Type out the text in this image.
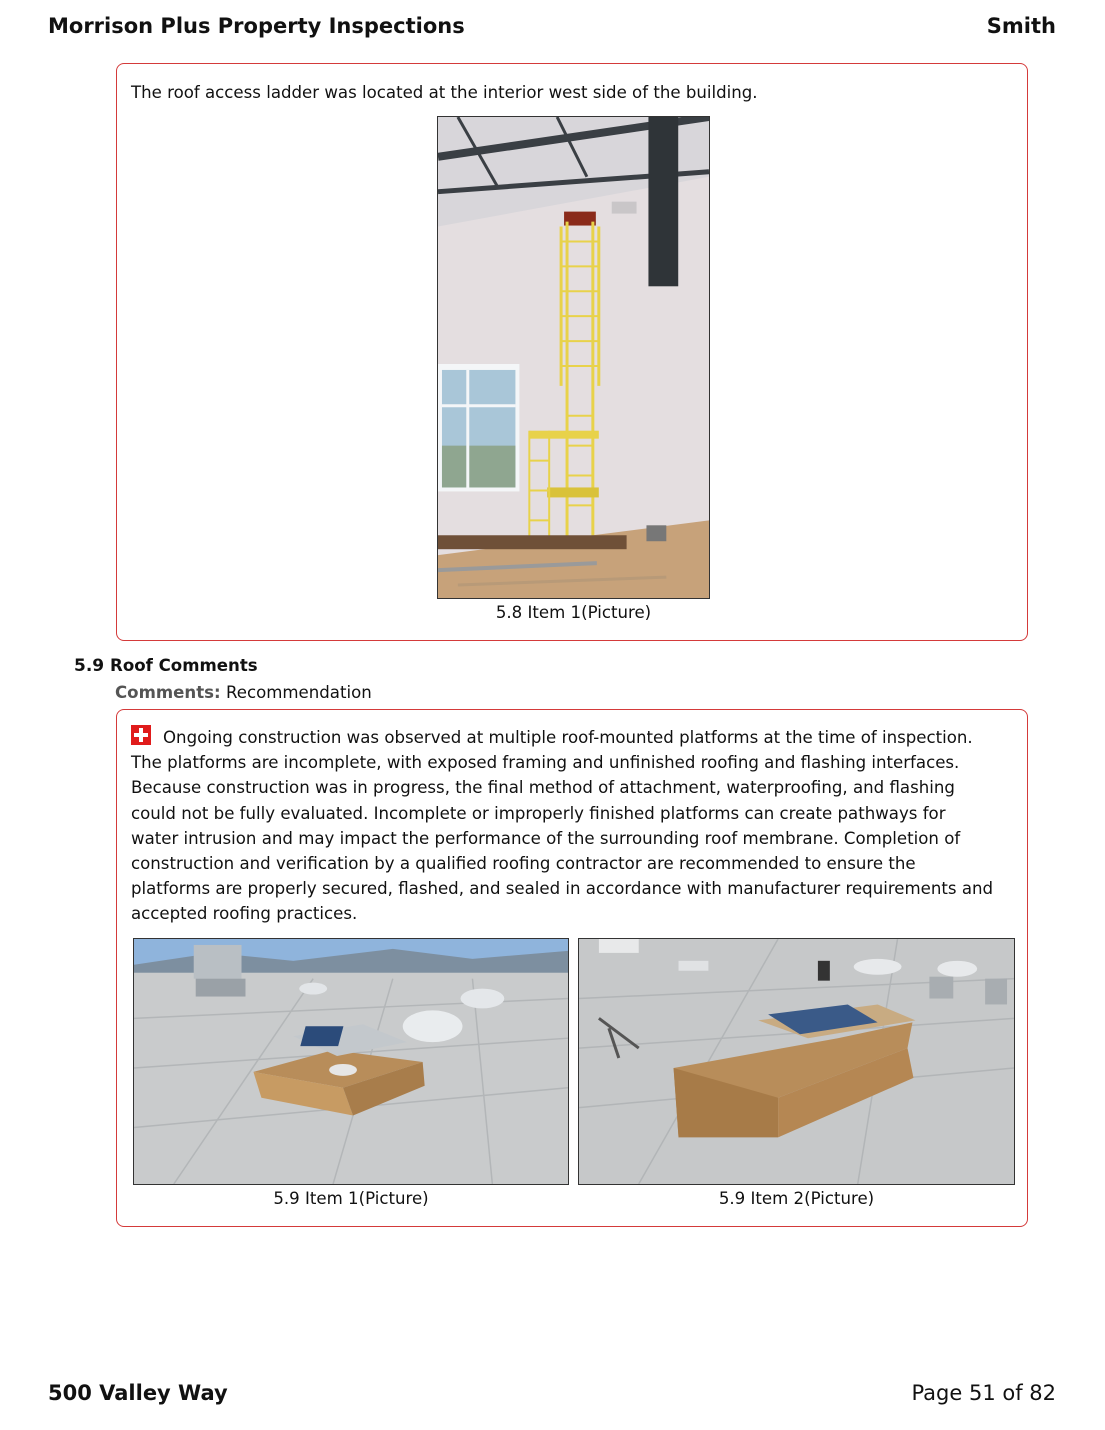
Morrison Plus Property Inspections	Smith
The roof access ladder was located at the interior west side of the building.
5.8 Item 1(Picture)
5.9 Roof Comments
Comments: Recommendation
Ongoing construction was observed at multiple roof-mounted platforms at the time of inspection. The platforms are incomplete, with exposed framing and unfinished roofing and flashing interfaces. Because construction was in progress, the final method of attachment, waterproofing, and flashing could not be fully evaluated. Incomplete or improperly finished platforms can create pathways for water intrusion and may impact the performance of the surrounding roof membrane. Completion of construction and verification by a qualified roofing contractor are recommended to ensure the platforms are properly secured, flashed, and sealed in accordance with manufacturer requirements and accepted roofing practices.
5.9 Item 1(Picture)	5.9 Item 2(Picture)
500 Valley Way	Page 51 of 82
